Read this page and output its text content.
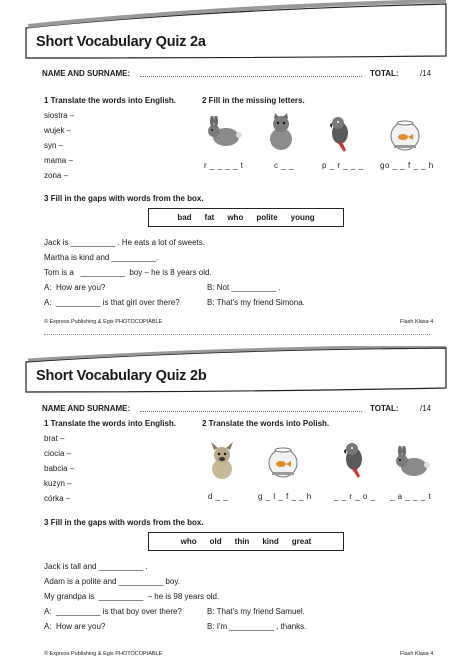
Short Vocabulary Quiz 2a
NAME AND SURNAME:	TOTAL:	/14
1 Translate the words into English.
siostra –
wujek –
syn –
mama –
zona –
2 Fill in the missing letters.
r _ _ _ _ t	c _ _	p _ r _ _ _ go _ _ f _ _ h
3 Fill in the gaps with words from the box.
bad fat who polite young
Jack is __________ . He eats a lot of sweets.
Martha is kind and __________.
Tom is a   __________  boy – he is 8 years old.
A:  How are you?	B: Not __________ .
A:  __________ is that girl over there?	B: That's my friend Simona.
© Express Publishing & Egis PHOTOCOPIABLE	Flash Klasa 4
Short Vocabulary Quiz 2b
NAME AND SURNAME:	TOTAL:	/14
1 Translate the words into English.
brat –
ciocia –
babcia –
kuzyn –
córka –
2 Translate the words into Polish.
d _ _	g _ l _ f _ _ h	_ _ r _ o _ _ a _ _ _ t
3 Fill in the gaps with words from the box.
who old thin kind great
Jack is tall and __________ .
Adam is a polite and __________ boy.
My grandpa is  __________  – he is 98 years old.
A:  __________ is that boy over there?	B: That's my friend Samuel.
A:  How are you?	B: I'm __________ , thanks.
© Express Publishing & Egis PHOTOCOPIABLE	Flash Klasa 4
